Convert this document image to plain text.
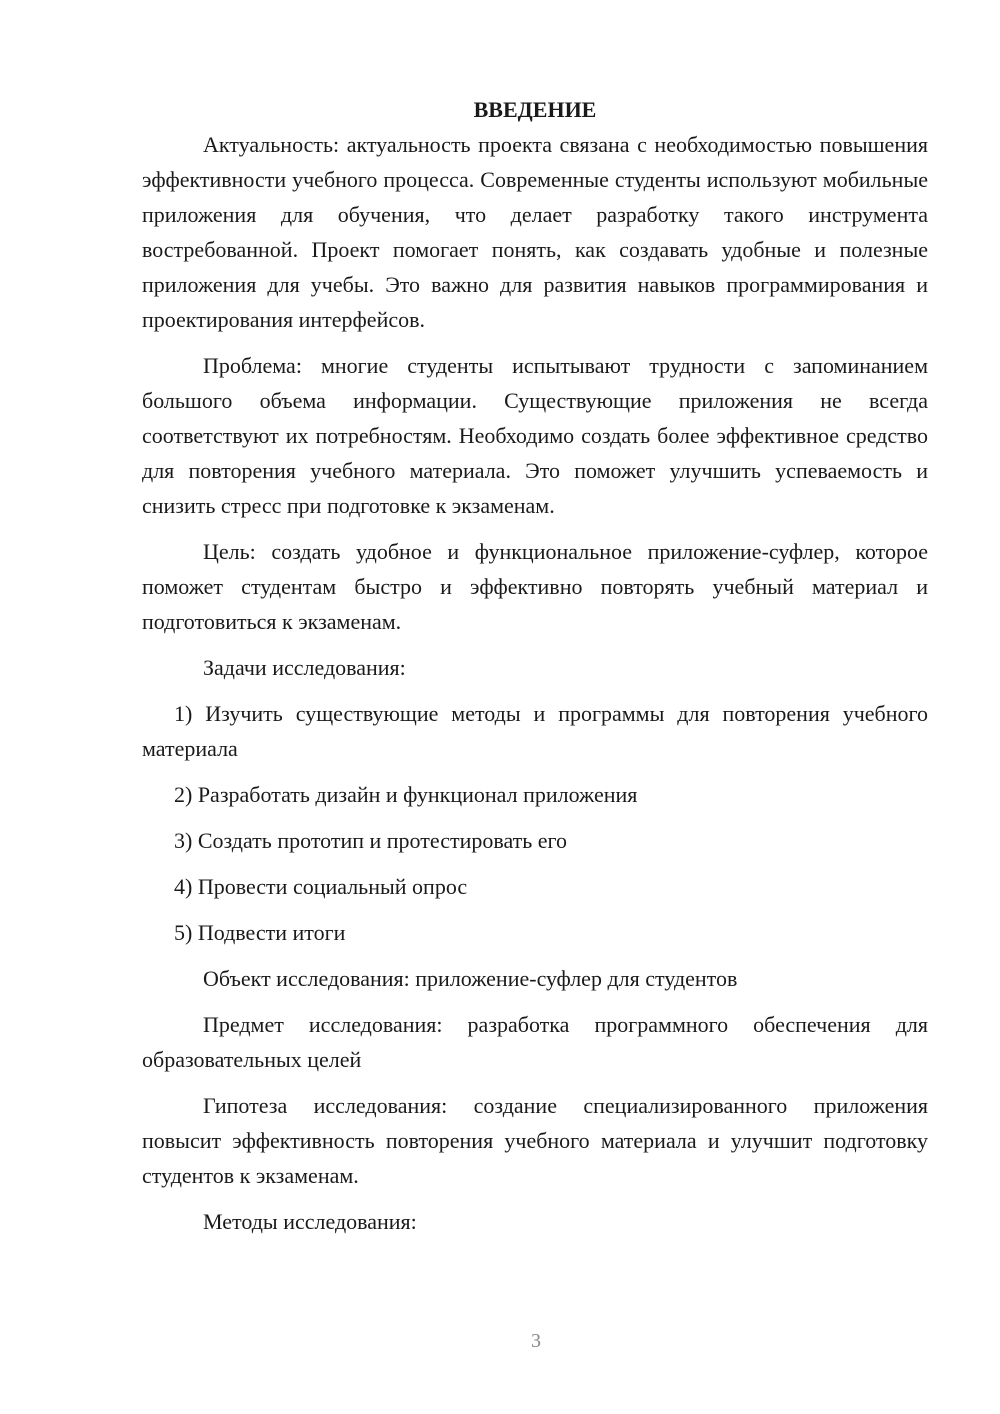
ВВЕДЕНИЕ

Актуальность: актуальность проекта связана с необходимостью повышения эффективности учебного процесса. Современные студенты используют мобильные приложения для обучения, что делает разработку такого инструмента востребованной. Проект помогает понять, как создавать удобные и полезные приложения для учебы. Это важно для развития навыков программирования и проектирования интерфейсов.

Проблема: многие студенты испытывают трудности с запоминанием большого объема информации. Существующие приложения не всегда соответствуют их потребностям. Необходимо создать более эффективное средство для повторения учебного материала. Это поможет улучшить успеваемость и снизить стресс при подготовке к экзаменам.

Цель: создать удобное и функциональное приложение-суфлер, которое поможет студентам быстро и эффективно повторять учебный материал и подготовиться к экзаменам.

Задачи исследования:

1) Изучить существующие методы и программы для повторения учебного материала

2) Разработать дизайн и функционал приложения

3) Создать прототип и протестировать его

4) Провести социальный опрос

5) Подвести итоги

Объект исследования: приложение-суфлер для студентов

Предмет исследования: разработка программного обеспечения для образовательных целей

Гипотеза исследования: создание специализированного приложения повысит эффективность повторения учебного материала и улучшит подготовку студентов к экзаменам.

Методы исследования:

3
